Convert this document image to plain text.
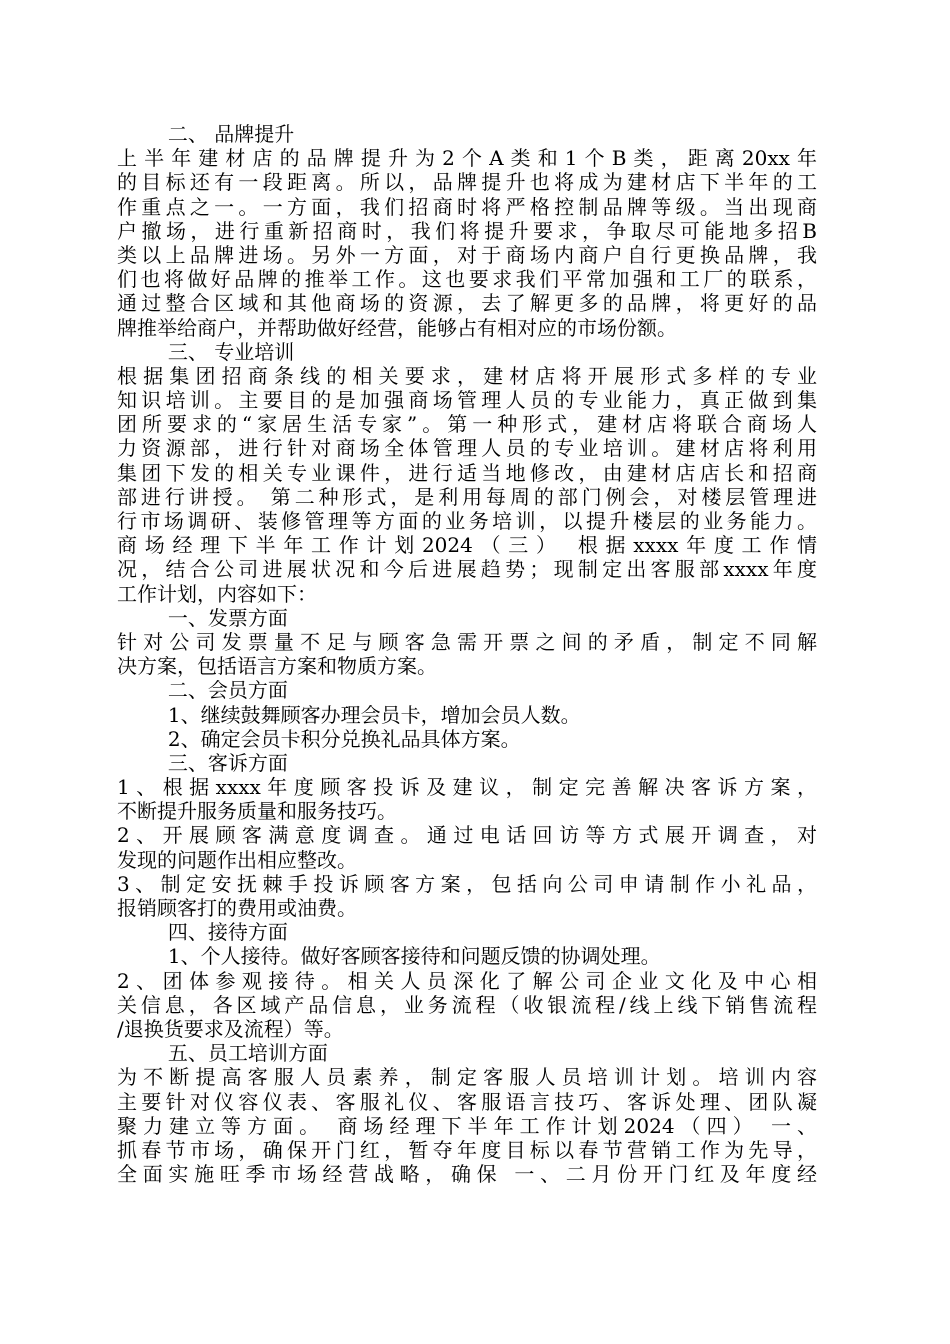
二、 品牌提升
上半年建材店的品牌提升为2个A类和1个B类，距离20xx年
的目标还有一段距离。所以，品牌提升也将成为建材店下半年的工
作重点之一。一方面，我们招商时将严格控制品牌等级。当出现商
户撤场，进行重新招商时，我们将提升要求，争取尽可能地多招B
类以上品牌进场。另外一方面，对于商场内商户自行更换品牌，我
们也将做好品牌的推举工作。这也要求我们平常加强和工厂的联系，
通过整合区域和其他商场的资源，去了解更多的品牌，将更好的品
牌推举给商户，并帮助做好经营，能够占有相对应的市场份额。
三、 专业培训
根据集团招商条线的相关要求，建材店将开展形式多样的专业
知识培训。主要目的是加强商场管理人员的专业能力，真正做到集
团所要求的“家居生活专家”。第一种形式，建材店将联合商场人
力资源部，进行针对商场全体管理人员的专业培训。建材店将利用
集团下发的相关专业课件，进行适当地修改，由建材店店长和招商
部进行讲授。 第二种形式，是利用每周的部门例会，对楼层管理进
行市场调研、装修管理等方面的业务培训，以提升楼层的业务能力。
商场经理下半年工作计划2024（三） 根据xxxx年度工作情
况，结合公司进展状况和今后进展趋势；现制定出客服部xxxx年度
工作计划，内容如下：
一、发票方面
针对公司发票量不足与顾客急需开票之间的矛盾，制定不同解
决方案，包括语言方案和物质方案。
二、会员方面
1、继续鼓舞顾客办理会员卡，增加会员人数。
2、确定会员卡积分兑换礼品具体方案。
三、客诉方面
1、根据xxxx年度顾客投诉及建议，制定完善解决客诉方案，
不断提升服务质量和服务技巧。
2、开展顾客满意度调查。通过电话回访等方式展开调查，对
发现的问题作出相应整改。
3、制定安抚棘手投诉顾客方案，包括向公司申请制作小礼品，
报销顾客打的费用或油费。
四、接待方面
1、个人接待。做好客顾客接待和问题反馈的协调处理。
2、团体参观接待。相关人员深化了解公司企业文化及中心相
关信息，各区域产品信息，业务流程（收银流程/线上线下销售流程
/退换货要求及流程）等。
五、员工培训方面
为不断提高客服人员素养，制定客服人员培训计划。培训内容
主要针对仪容仪表、客服礼仪、客服语言技巧、客诉处理、团队凝
聚力建立等方面。 商场经理下半年工作计划2024（四） 一、
抓春节市场，确保开门红，暂夺年度目标以春节营销工作为先导，
全面实施旺季市场经营战略，确保 一、二月份开门红及年度经
